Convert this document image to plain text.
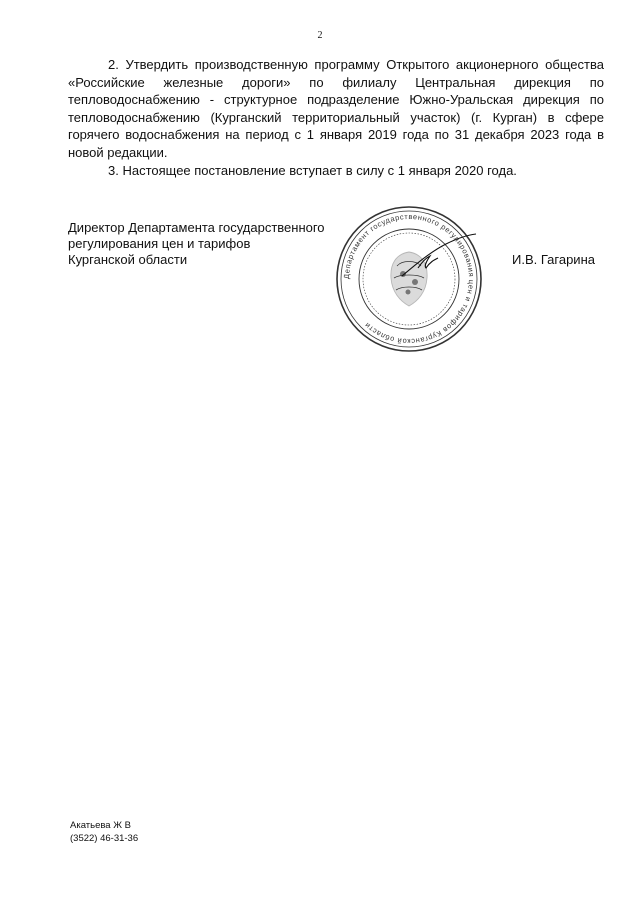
2

2. Утвердить производственную программу Открытого акционерного общества «Российские железные дороги» по филиалу Центральная дирекция по тепловодоснабжению - структурное подразделение Южно-Уральская дирекция по тепловодоснабжению (Курганский территориальный участок) (г. Курган) в сфере горячего водоснабжения на период с 1 января 2019 года по 31 декабря 2023 года в новой редакции.

3. Настоящее постановление вступает в силу с 1 января 2020 года.

Директор Департамента государственного
регулирования цен и тарифов
Курганской области
Департамент государственного регулирования цен и тарифов Курганской области
И.В. Гагарина
Акатьева Ж В
(3522) 46-31-36
